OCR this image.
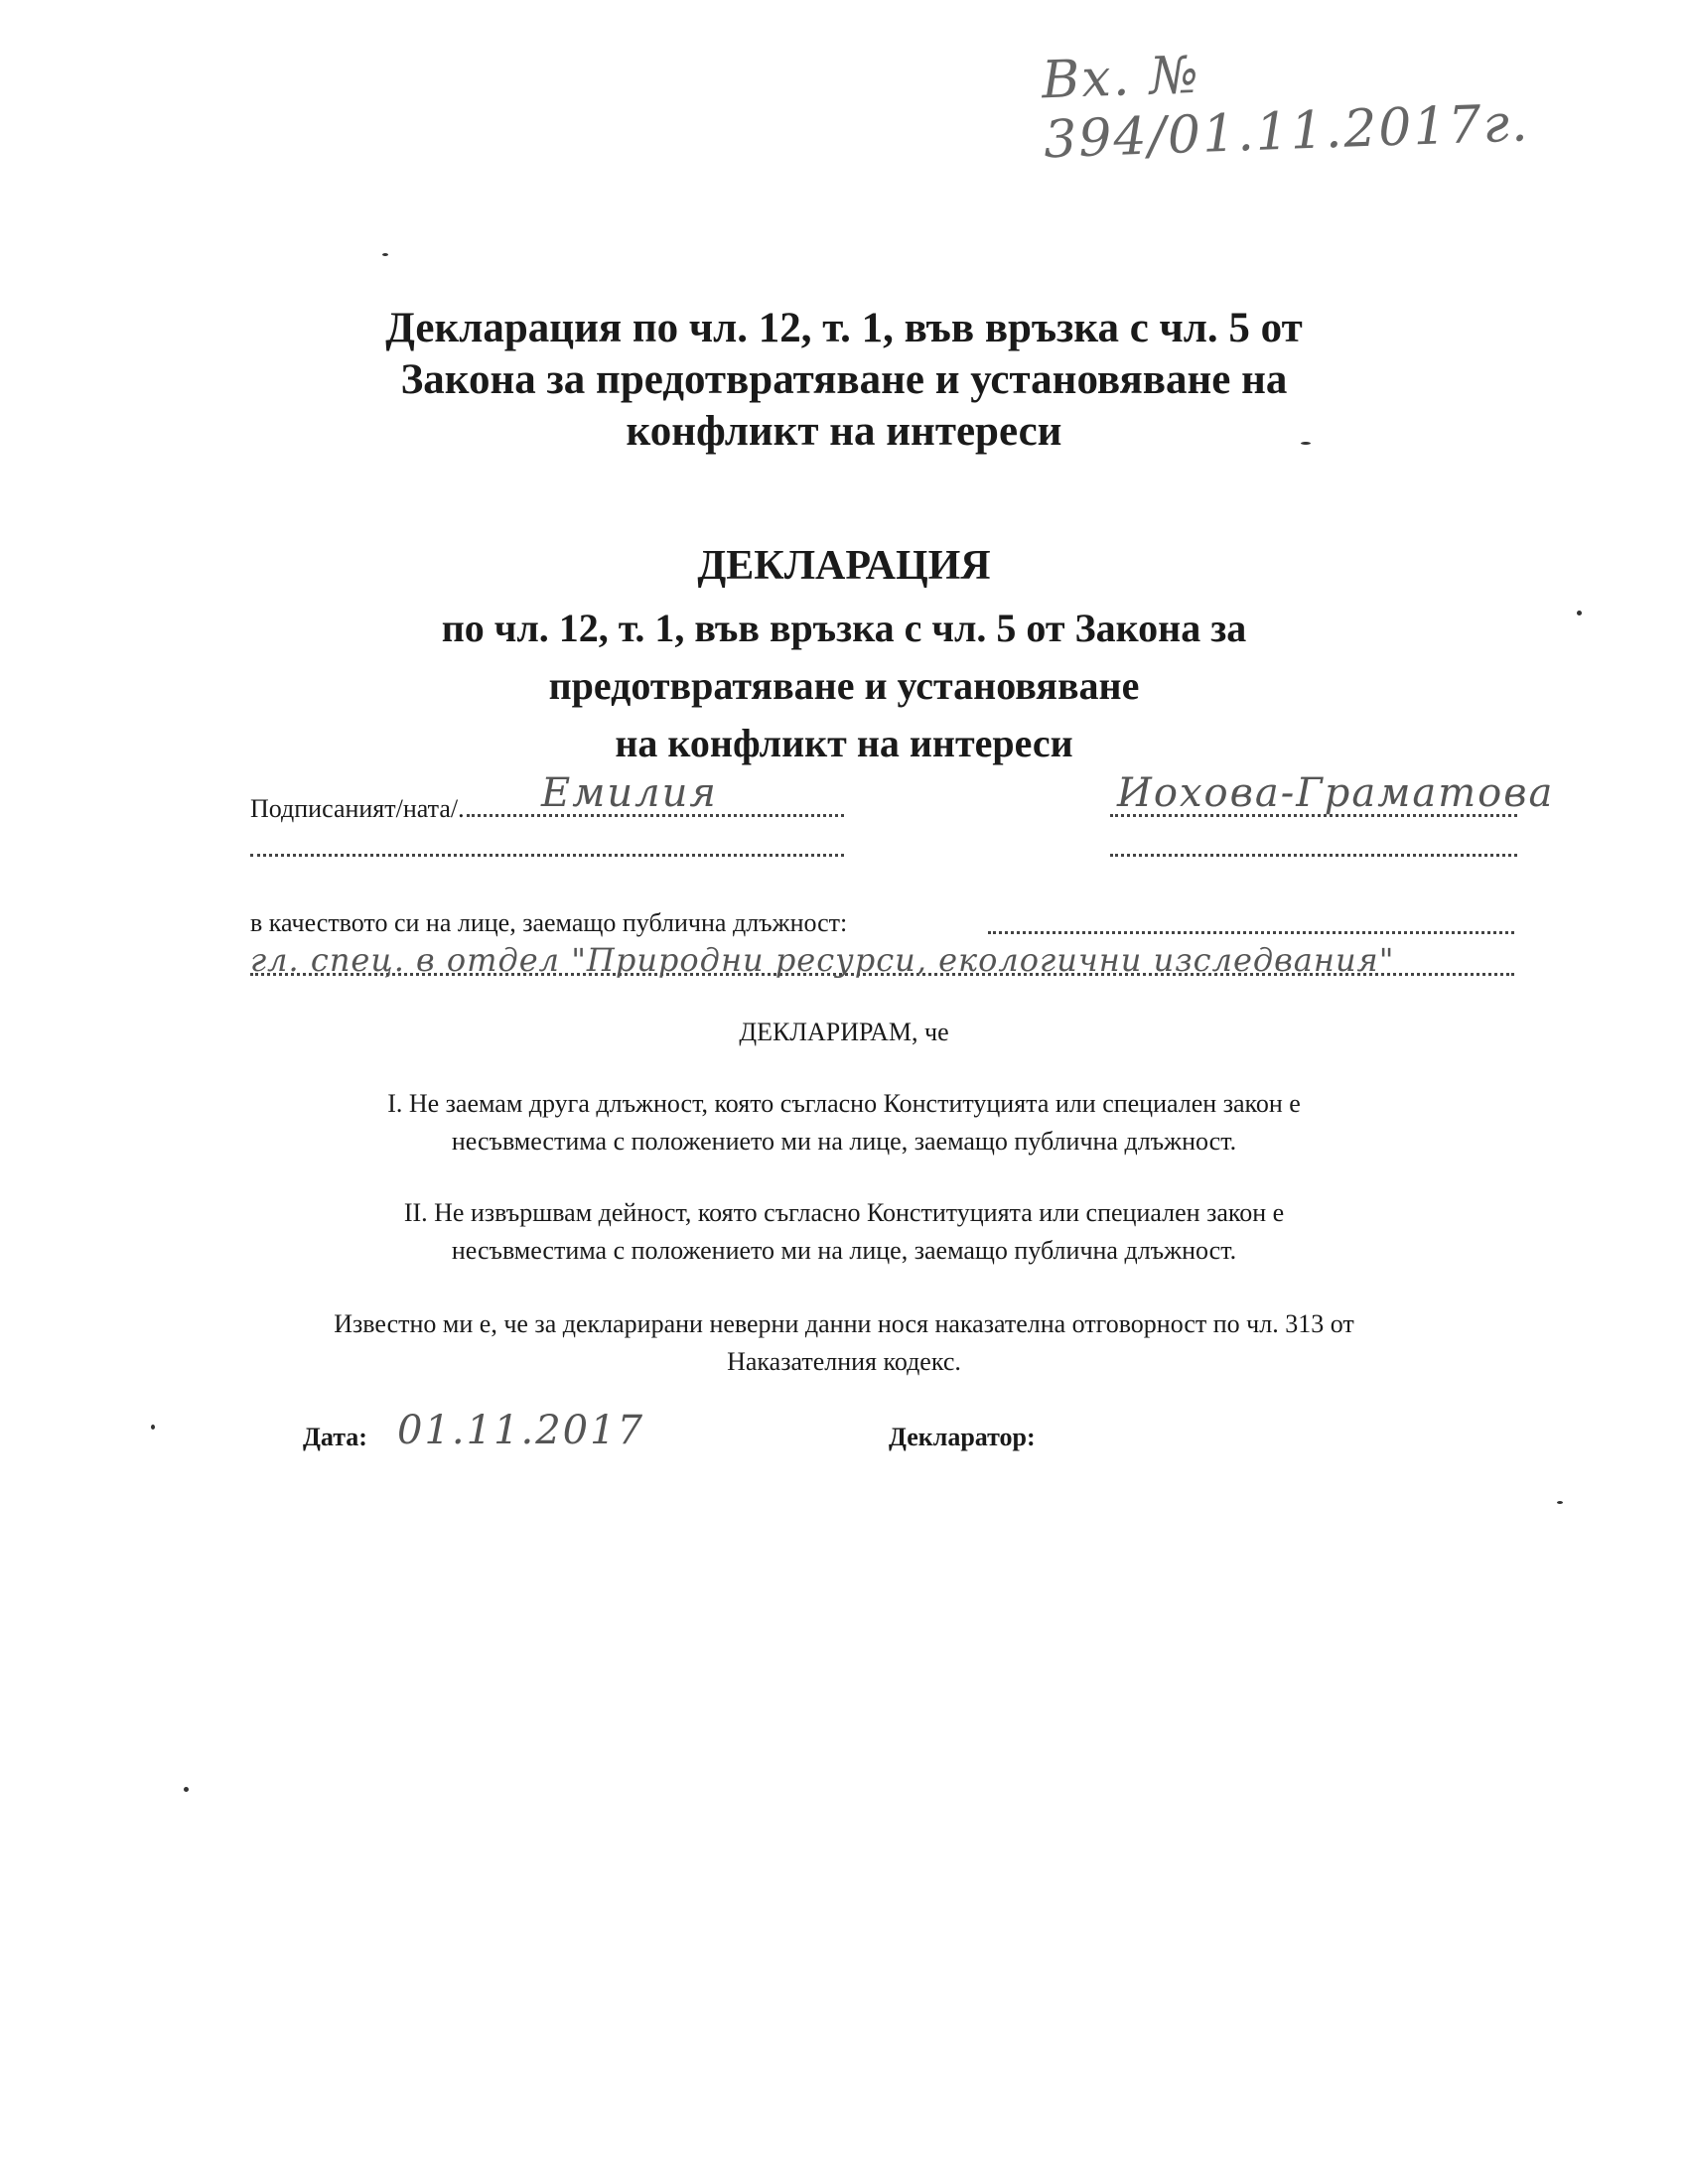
Вх. № 394/01.11.2017г.
Декларация по чл. 12, т. 1, във връзка с чл. 5 от
Закона за предотвратяване и установяване на
конфликт на интереси
ДЕКЛАРАЦИЯ
по чл. 12, т. 1, във връзка с чл. 5 от Закона за
предотвратяване и установяване
на конфликт на интереси
Подписаният/ната/. Емилия	Иохова-Граматова
в качеството си на лице, заемащо публична длъжност:
гл. спец. в отдел "Природни ресурси, екологични изследвания"
ДЕКЛАРИРАМ, че
I. Не заемам друга длъжност, която съгласно Конституцията или специален закон е
несъвместима с положението ми на лице, заемащо публична длъжност.
II. Не извършвам дейност, която съгласно Конституцията или специален закон е
несъвместима с положението ми на лице, заемащо публична длъжност.
Известно ми е, че за декларирани неверни данни нося наказателна отговорност по чл. 313 от
Наказателния кодекс.
Дата: 01.11.2017	Декларатор:
